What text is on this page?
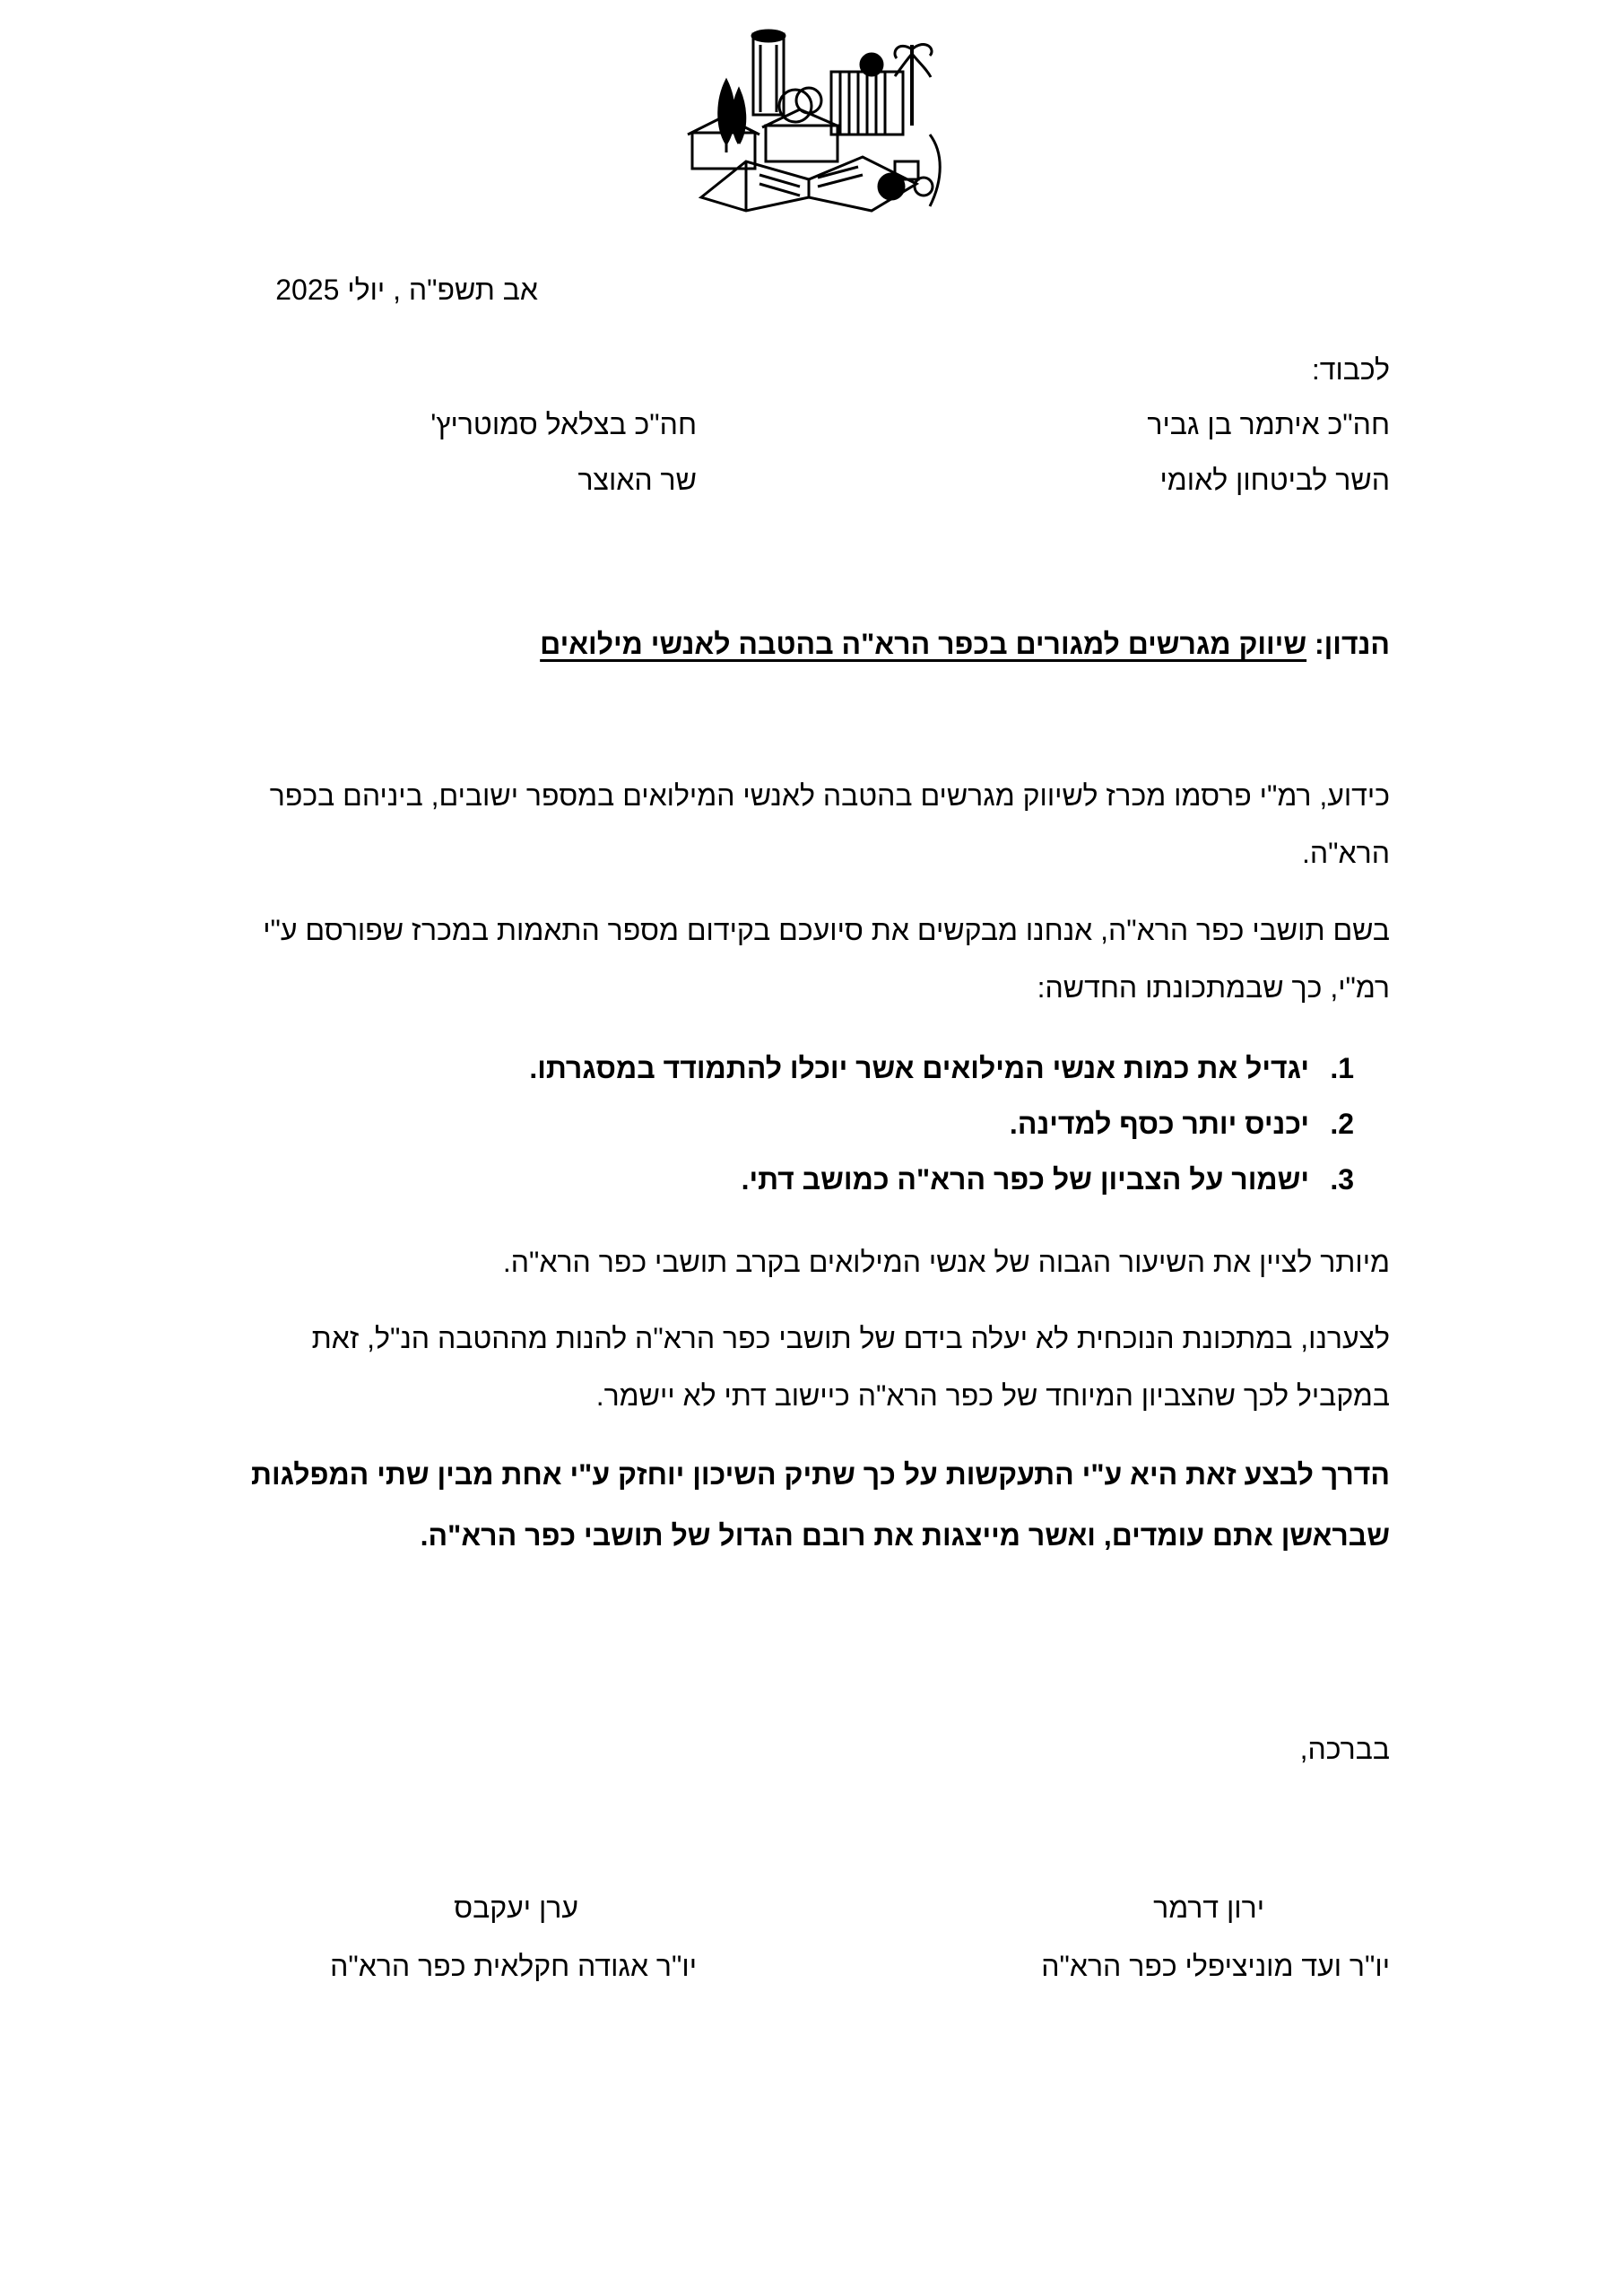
אב תשפ"ה , יולי 2025
לכבוד:
חה"כ איתמר בן גביר
חה"כ בצלאל סמוטריץ'
השר לביטחון לאומי
שר האוצר
הנדון: שיווק מגרשים למגורים בכפר הרא"ה בהטבה לאנשי מילואים

כידוע, רמ"י פרסמו מכרז לשיווק מגרשים בהטבה לאנשי המילואים במספר ישובים, ביניהם בכפר הרא"ה.

בשם תושבי כפר הרא"ה, אנחנו מבקשים את סיועכם בקידום מספר התאמות במכרז שפורסם ע"י רמ"י, כך שבמתכונתו החדשה:

1.
יגדיל את כמות אנשי המילואים אשר יוכלו להתמודד במסגרתו.
2.
יכניס יותר כסף למדינה.
3.
ישמור על הצביון של כפר הרא"ה כמושב דתי.

מיותר לציין את השיעור הגבוה של אנשי המילואים בקרב תושבי כפר הרא"ה.

לצערנו, במתכונת הנוכחית לא יעלה בידם של תושבי כפר הרא"ה להנות מההטבה הנ"ל, זאת במקביל לכך שהצביון המיוחד של כפר הרא"ה כיישוב דתי לא יישמר.

הדרך לבצע זאת היא ע"י התעקשות על כך שתיק השיכון יוחזק ע"י אחת מבין שתי המפלגות שבראשן אתם עומדים, ואשר מייצגות את רובם הגדול של תושבי כפר הרא"ה.

בברכה,
ירון דרמר
ערן יעקבס
יו"ר ועד מוניציפלי כפר הרא"ה
יו"ר אגודה חקלאית כפר הרא"ה
